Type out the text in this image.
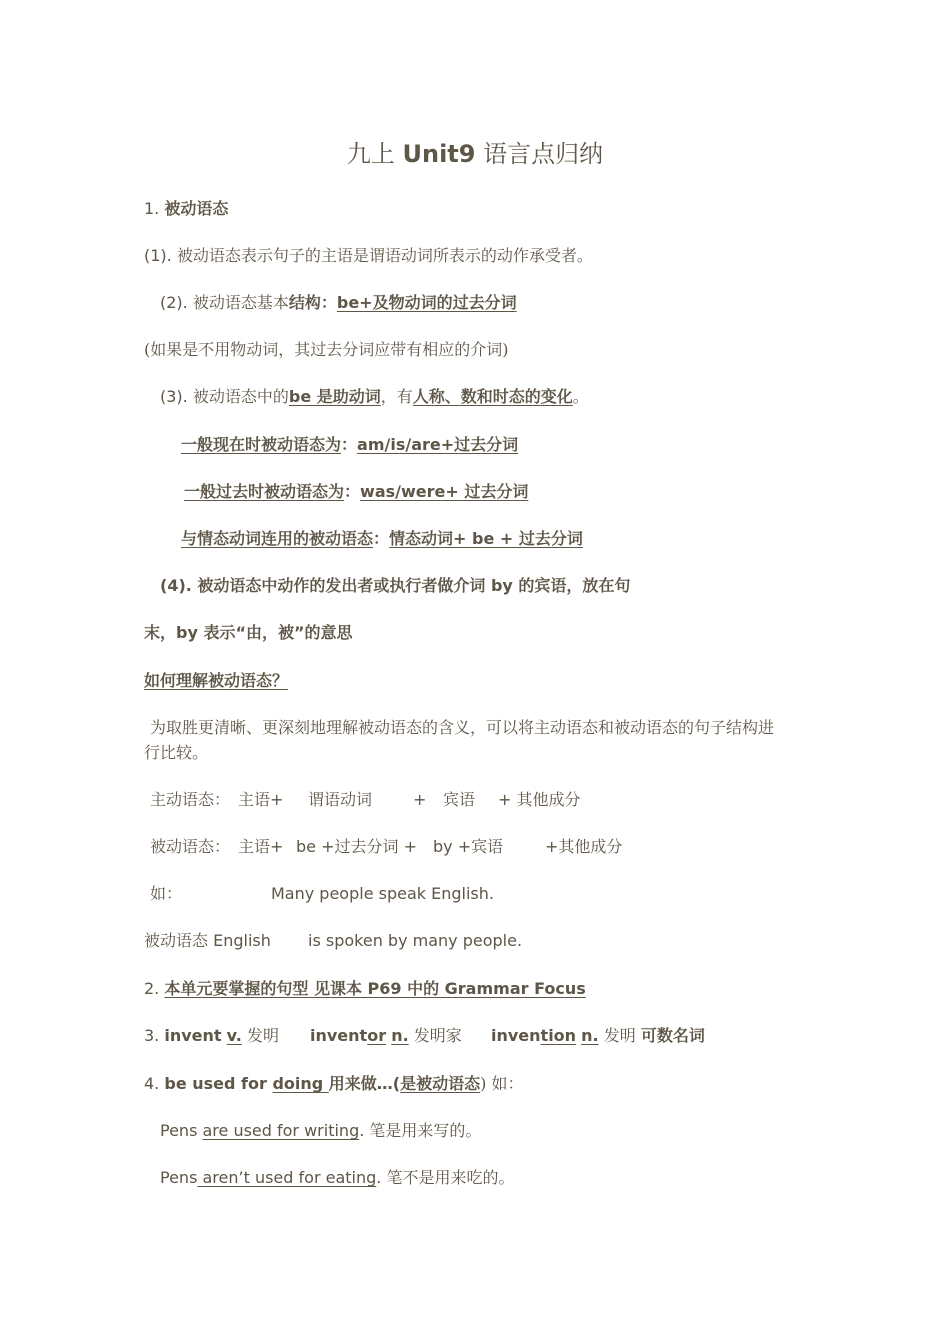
九上 Unit9 语言点归纳
1. 被动语态
(1). 被动语态表示句子的主语是谓语动词所表示的动作承受者。
(2). 被动语态基本结构：be+及物动词的过去分词
(如果是不用物动词，其过去分词应带有相应的介词)
(3). 被动语态中的be 是助动词，有人称、数和时态的变化。
一般现在时被动语态为：am/is/are+过去分词
一般过去时被动语态为：was/were+ 过去分词
与情态动词连用的被动语态：情态动词+ be + 过去分词
(4). 被动语态中动作的发出者或执行者做介词 by 的宾语，放在句
末，by 表示“由，被”的意思
如何理解被动语态？
为取胜更清晰、更深刻地理解被动语态的含义，可以将主动语态和被动语态的句子结构进
行比较。
主动语态： 主语+ 谓语动词	+ 宾语 + 其他成分
被动语态： 主语+ be +过去分词 + by +宾语	+其他成分
如：	Many people speak English.
被动语态 English is spoken by many people.
2. 本单元要掌握的句型 见课本 P69 中的 Grammar Focus
3. invent v. 发明 inventor n. 发明家 invention n. 发明 可数名词
4. be used for doing 用来做…(是被动语态) 如：
Pens are used for writing. 笔是用来写的。
Pens aren’t used for eating. 笔不是用来吃的。
